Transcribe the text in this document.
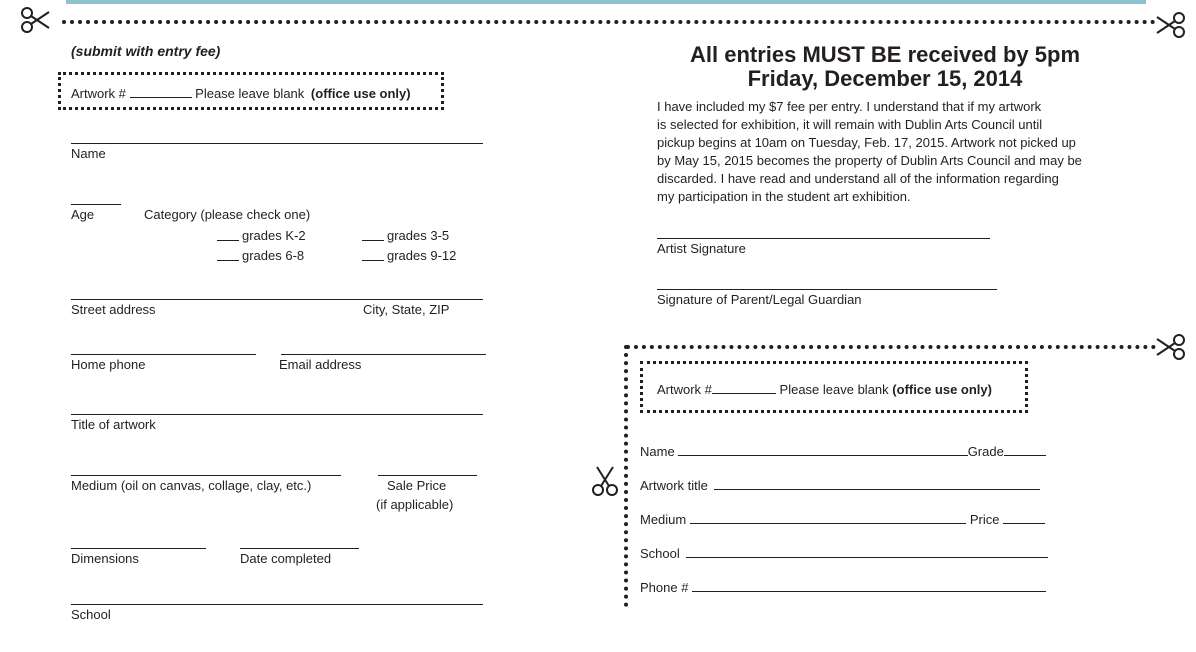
(submit with entry fee)
Artwork #	Please leave blank (office use only)
Name
Age	Category (please check one)
grades K-2	grades 3-5
grades 6-8	grades 9-12
Street address	City, State, ZIP
Home phone	Email address
Title of artwork
Medium (oil on canvas, collage, clay, etc.)	Sale Price
(if applicable)
Dimensions	Date completed
School
All entries MUST BE received by 5pm
Friday, December 15, 2014
I have included my $7 fee per entry. I understand that if my artwork
is selected for exhibition, it will remain with Dublin Arts Council until
pickup begins at 10am on Tuesday, Feb. 17, 2015. Artwork not picked up
by May 15, 2015 becomes the property of Dublin Arts Council and may be
discarded. I have read and understand all of the information regarding
my participation in the student art exhibition.
Artist Signature
Signature of Parent/Legal Guardian
Artwork #	Please leave blank (office use only)
Name	Grade
Artwork title
Medium	Price
School
Phone #
